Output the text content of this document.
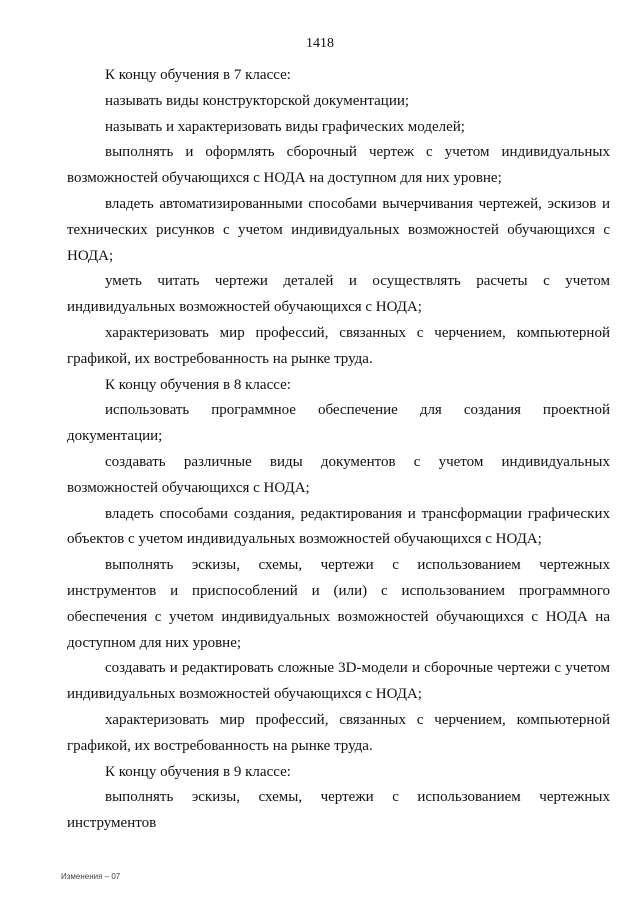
1418

К концу обучения в 7 классе:

называть виды конструкторской документации;

называть и характеризовать виды графических моделей;

выполнять и оформлять сборочный чертеж с учетом индивидуальных возможностей обучающихся с НОДА на доступном для них уровне;

владеть автоматизированными способами вычерчивания чертежей, эскизов и технических рисунков с учетом индивидуальных возможностей обучающихся с НОДА;

уметь читать чертежи деталей и осуществлять расчеты с учетом индивидуальных возможностей обучающихся с НОДА;

характеризовать мир профессий, связанных с черчением, компьютерной графикой, их востребованность на рынке труда.

К концу обучения в 8 классе:

использовать программное обеспечение для создания проектной документации;

создавать различные виды документов с учетом индивидуальных возможностей обучающихся с НОДА;

владеть способами создания, редактирования и трансформации графических объектов с учетом индивидуальных возможностей обучающихся с НОДА;

выполнять эскизы, схемы, чертежи с использованием чертежных инструментов и приспособлений и (или) с использованием программного обеспечения с учетом индивидуальных возможностей обучающихся с НОДА на доступном для них уровне;

создавать и редактировать сложные 3D-модели и сборочные чертежи с учетом индивидуальных возможностей обучающихся с НОДА;

характеризовать мир профессий, связанных с черчением, компьютерной графикой, их востребованность на рынке труда.

К концу обучения в 9 классе:

выполнять эскизы, схемы, чертежи с использованием чертежных инструментов

Изменения – 07
